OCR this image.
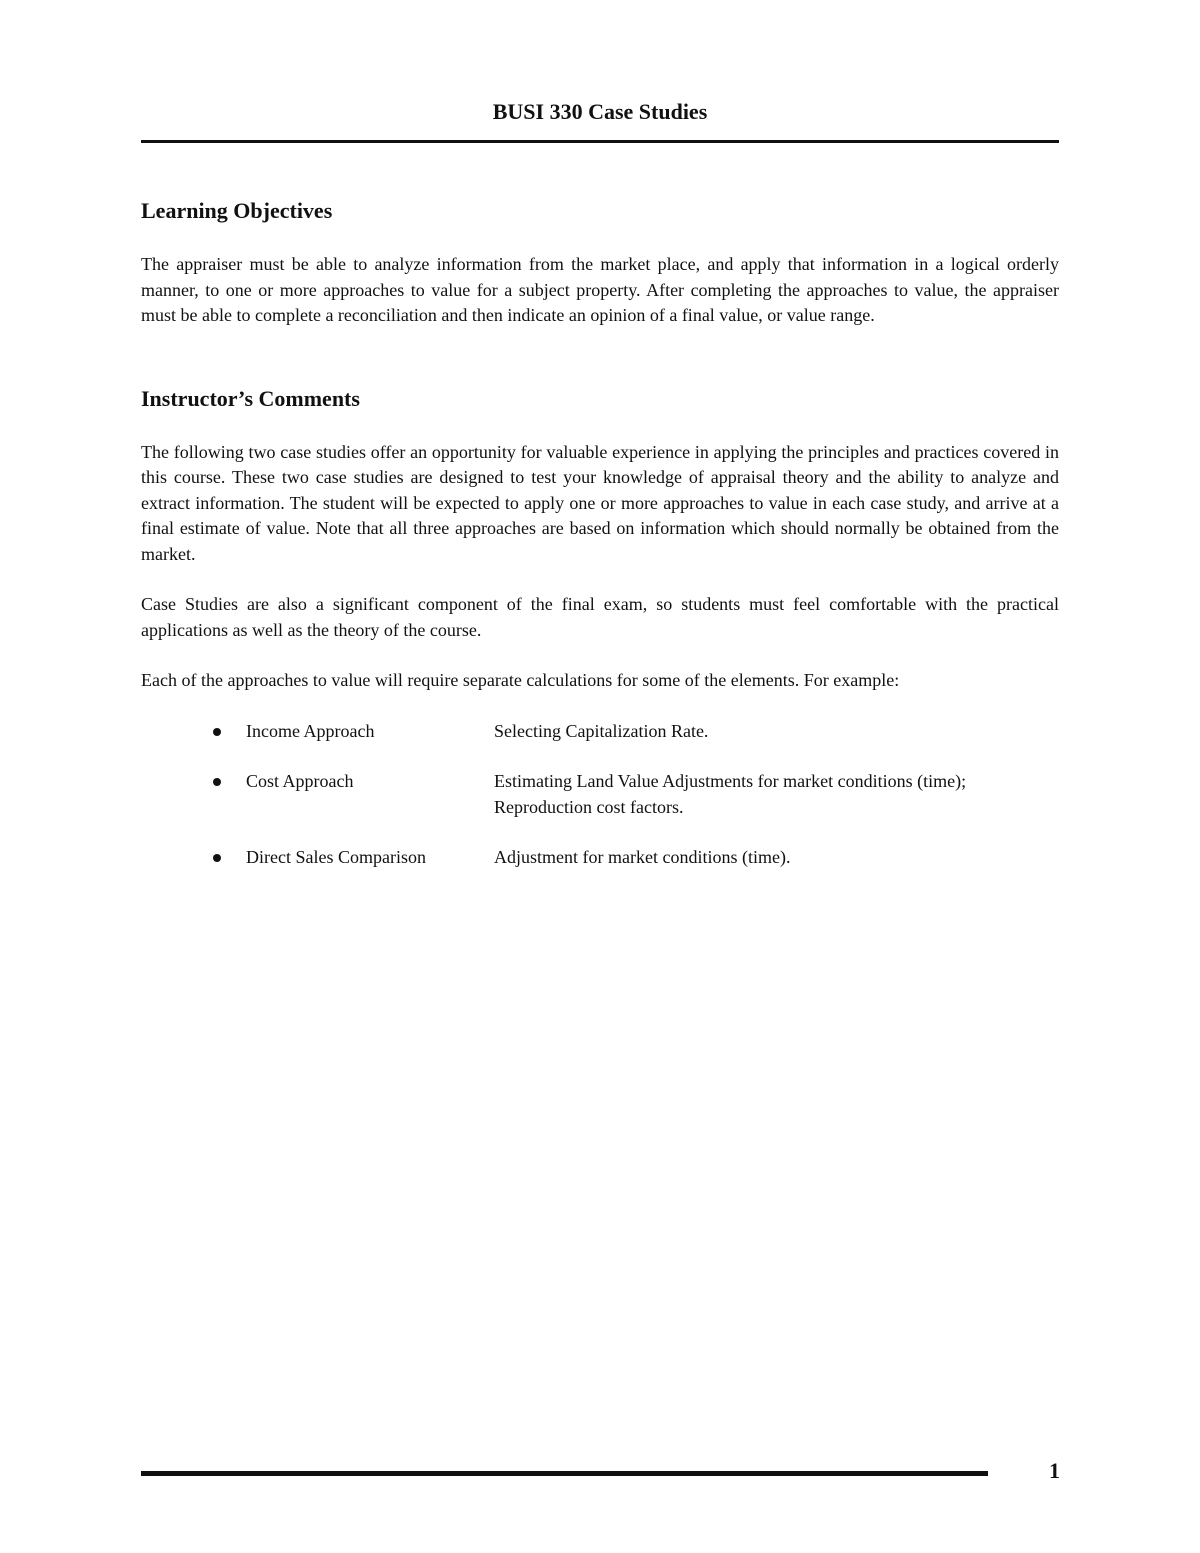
BUSI 330 Case Studies
Learning Objectives

The appraiser must be able to analyze information from the market place, and apply that information in a logical orderly manner, to one or more approaches to value for a subject property. After completing the approaches to value, the appraiser must be able to complete a reconciliation and then indicate an opinion of a final value, or value range.

Instructor’s Comments

The following two case studies offer an opportunity for valuable experience in applying the principles and practices covered in this course. These two case studies are designed to test your knowledge of appraisal theory and the ability to analyze and extract information. The student will be expected to apply one or more approaches to value in each case study, and arrive at a final estimate of value. Note that all three approaches are based on information which should normally be obtained from the market.

Case Studies are also a significant component of the final exam, so students must feel comfortable with the practical applications as well as the theory of the course.

Each of the approaches to value will require separate calculations for some of the elements. For example:

Income Approach	Selecting Capitalization Rate.
Cost Approach	Estimating Land Value Adjustments for market conditions (time); Reproduction cost factors.
Direct Sales Comparison	Adjustment for market conditions (time).
1
